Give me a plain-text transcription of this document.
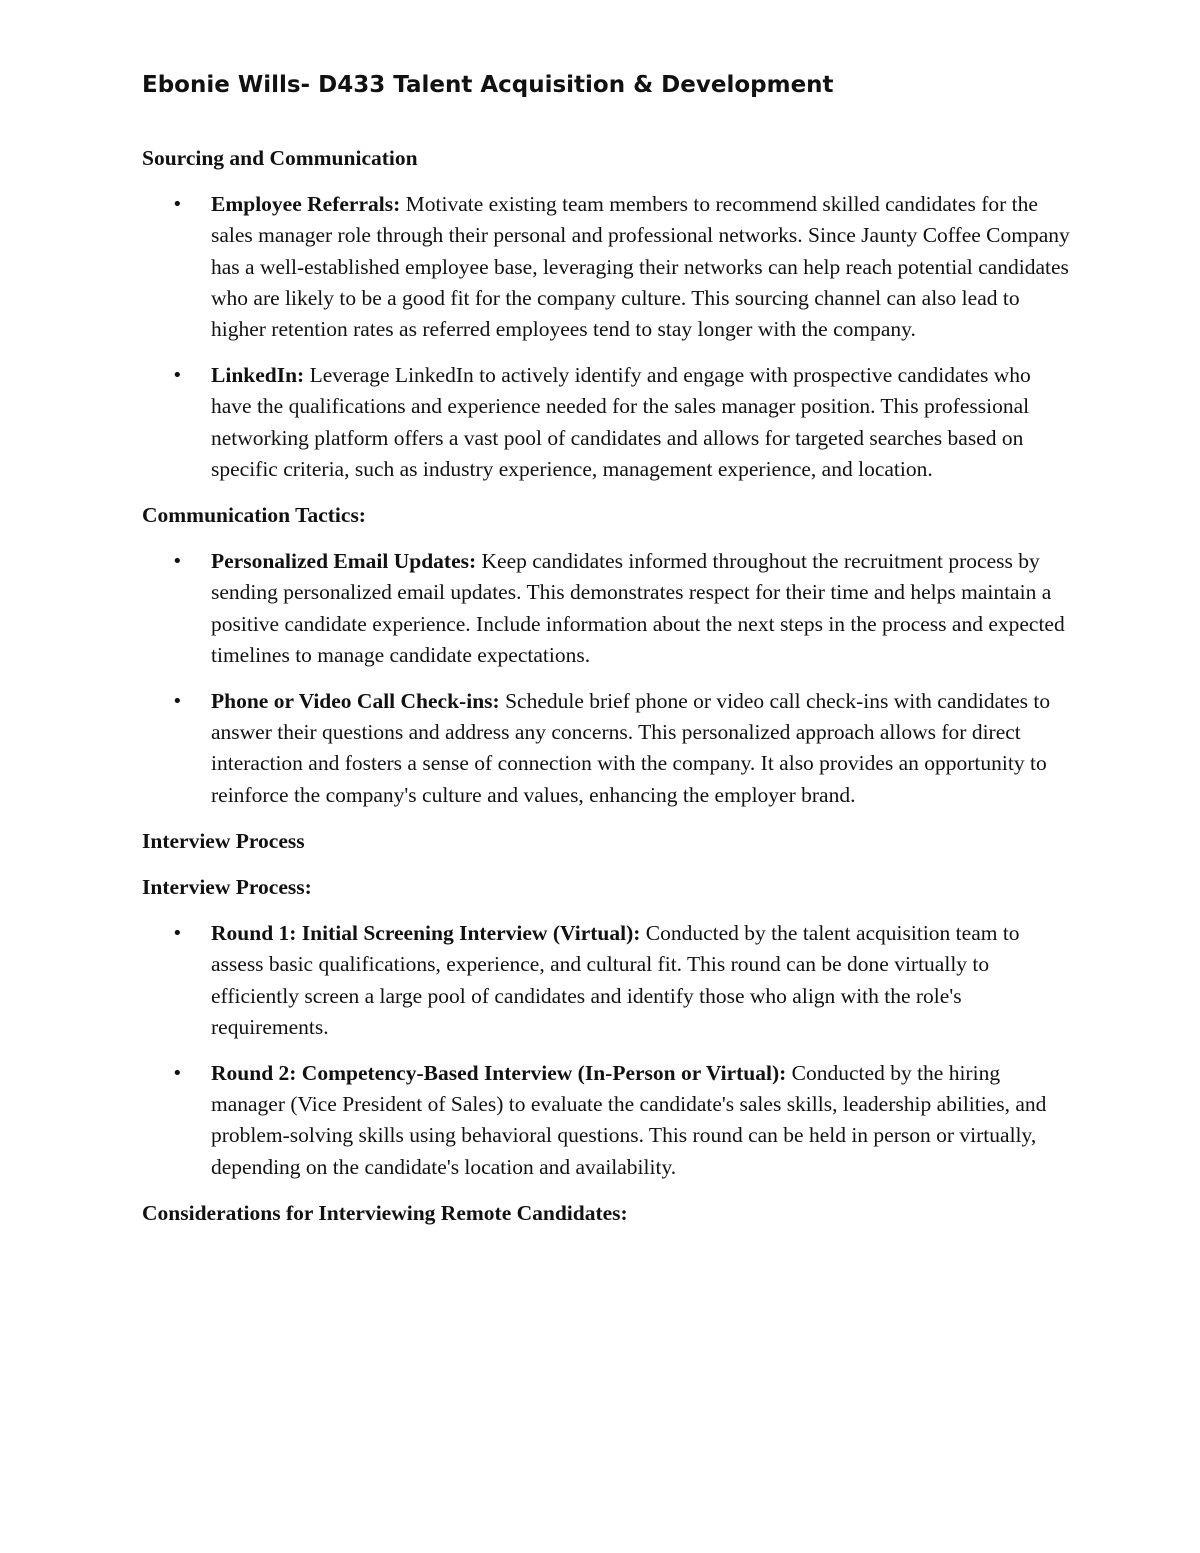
Ebonie Wills- D433 Talent Acquisition & Development

Sourcing and Communication

• Employee Referrals: Motivate existing team members to recommend skilled candidates for the sales manager role through their personal and professional networks. Since Jaunty Coffee Company has a well-established employee base, leveraging their networks can help reach potential candidates who are likely to be a good fit for the company culture. This sourcing channel can also lead to higher retention rates as referred employees tend to stay longer with the company.
• LinkedIn: Leverage LinkedIn to actively identify and engage with prospective candidates who have the qualifications and experience needed for the sales manager position. This professional networking platform offers a vast pool of candidates and allows for targeted searches based on specific criteria, such as industry experience, management experience, and location.

Communication Tactics:

• Personalized Email Updates: Keep candidates informed throughout the recruitment process by sending personalized email updates. This demonstrates respect for their time and helps maintain a positive candidate experience. Include information about the next steps in the process and expected timelines to manage candidate expectations.
• Phone or Video Call Check-ins: Schedule brief phone or video call check-ins with candidates to answer their questions and address any concerns. This personalized approach allows for direct interaction and fosters a sense of connection with the company. It also provides an opportunity to reinforce the company's culture and values, enhancing the employer brand.

Interview Process

Interview Process:

• Round 1: Initial Screening Interview (Virtual): Conducted by the talent acquisition team to assess basic qualifications, experience, and cultural fit. This round can be done virtually to efficiently screen a large pool of candidates and identify those who align with the role's requirements.
• Round 2: Competency-Based Interview (In-Person or Virtual): Conducted by the hiring manager (Vice President of Sales) to evaluate the candidate's sales skills, leadership abilities, and problem-solving skills using behavioral questions. This round can be held in person or virtually, depending on the candidate's location and availability.

Considerations for Interviewing Remote Candidates:
